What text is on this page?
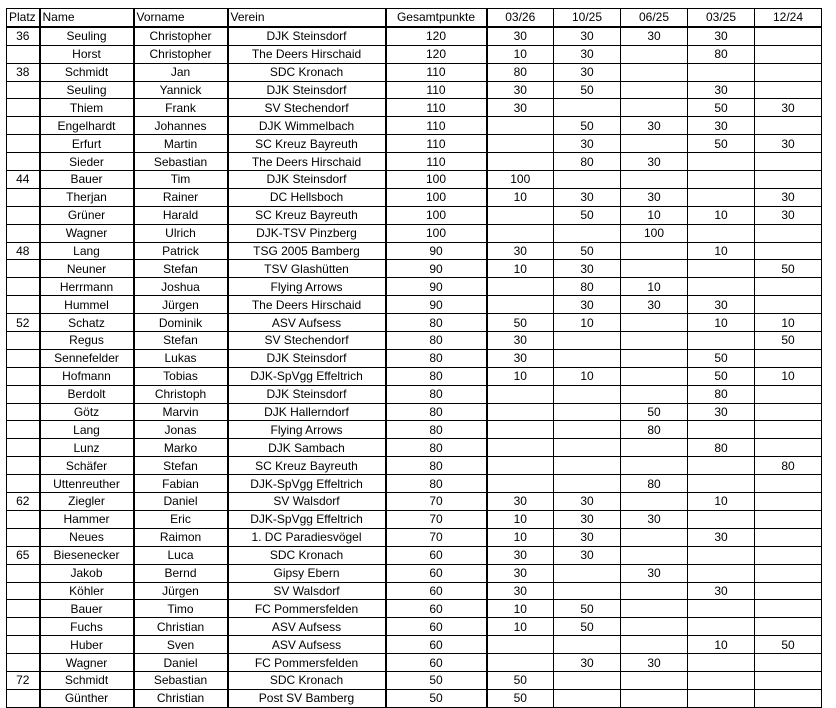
Platz	Name	Vorname	Verein	Gesamtpunkte	03/26	10/25	06/25	03/25	12/24
36	Seuling	Christopher	DJK Steinsdorf	120	30	30	30	30	
	Horst	Christopher	The Deers Hirschaid	120	10	30		80	
38	Schmidt	Jan	SDC Kronach	110	80	30			
	Seuling	Yannick	DJK Steinsdorf	110	30	50		30	
	Thiem	Frank	SV Stechendorf	110	30			50	30
	Engelhardt	Johannes	DJK Wimmelbach	110		50	30	30	
	Erfurt	Martin	SC Kreuz Bayreuth	110		30		50	30
	Sieder	Sebastian	The Deers Hirschaid	110		80	30		
44	Bauer	Tim	DJK Steinsdorf	100	100				
	Therjan	Rainer	DC Hellsboch	100	10	30	30		30
	Grüner	Harald	SC Kreuz Bayreuth	100		50	10	10	30
	Wagner	Ulrich	DJK-TSV Pinzberg	100			100		
48	Lang	Patrick	TSG 2005 Bamberg	90	30	50		10	
	Neuner	Stefan	TSV Glashütten	90	10	30			50
	Herrmann	Joshua	Flying Arrows	90		80	10		
	Hummel	Jürgen	The Deers Hirschaid	90		30	30	30	
52	Schatz	Dominik	ASV Aufsess	80	50	10		10	10
	Regus	Stefan	SV Stechendorf	80	30				50
	Sennefelder	Lukas	DJK Steinsdorf	80	30			50	
	Hofmann	Tobias	DJK-SpVgg Effeltrich	80	10	10		50	10
	Berdolt	Christoph	DJK Steinsdorf	80				80	
	Götz	Marvin	DJK Hallerndorf	80			50	30	
	Lang	Jonas	Flying Arrows	80			80		
	Lunz	Marko	DJK Sambach	80				80	
	Schäfer	Stefan	SC Kreuz Bayreuth	80					80
	Uttenreuther	Fabian	DJK-SpVgg Effeltrich	80			80		
62	Ziegler	Daniel	SV Walsdorf	70	30	30		10	
	Hammer	Eric	DJK-SpVgg Effeltrich	70	10	30	30		
	Neues	Raimon	1. DC Paradiesvögel	70	10	30		30	
65	Biesenecker	Luca	SDC Kronach	60	30	30			
	Jakob	Bernd	Gipsy Ebern	60	30		30		
	Köhler	Jürgen	SV Walsdorf	60	30			30	
	Bauer	Timo	FC Pommersfelden	60	10	50			
	Fuchs	Christian	ASV Aufsess	60	10	50			
	Huber	Sven	ASV Aufsess	60				10	50
	Wagner	Daniel	FC Pommersfelden	60		30	30		
72	Schmidt	Sebastian	SDC Kronach	50	50				
	Günther	Christian	Post SV Bamberg	50	50				
